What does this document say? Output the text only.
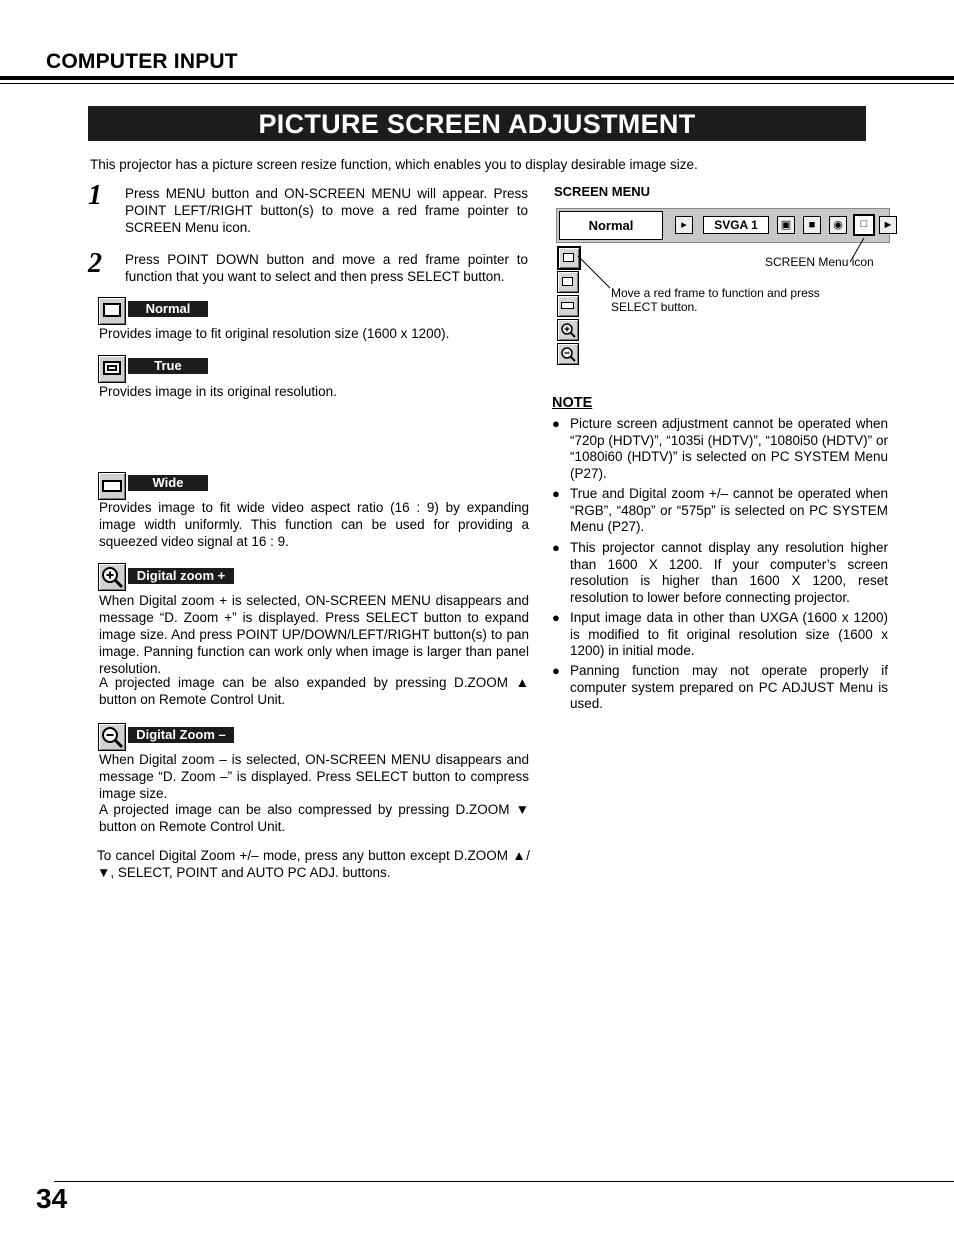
COMPUTER INPUT
PICTURE SCREEN ADJUSTMENT
This projector has a picture screen resize function, which enables you to display desirable image size.
1 Press MENU button and ON-SCREEN MENU will appear. Press POINT LEFT/RIGHT button(s) to move a red frame pointer to SCREEN Menu icon.
2 Press POINT DOWN button and move a red frame pointer to function that you want to select and then press SELECT button.
Normal
Provides image to fit original resolution size (1600 x 1200).
True
Provides image in its original resolution.
Wide
Provides image to fit wide video aspect ratio (16 : 9) by expanding image width uniformly. This function can be used for providing a squeezed video signal at 16 : 9.
Digital zoom +
When Digital zoom + is selected, ON-SCREEN MENU disappears and message “D. Zoom +” is displayed. Press SELECT button to expand image size. And press POINT UP/DOWN/LEFT/RIGHT button(s) to pan image. Panning function can work only when image is larger than panel resolution.
A projected image can be also expanded by pressing D.ZOOM ▲ button on Remote Control Unit.
Digital Zoom –
When Digital zoom – is selected, ON-SCREEN MENU disappears and message “D. Zoom –” is displayed. Press SELECT button to compress image size.
A projected image can be also compressed by pressing D.ZOOM ▼ button on Remote Control Unit.
To cancel Digital Zoom +/– mode, press any button except D.ZOOM ▲/▼, SELECT, POINT and AUTO PC ADJ. buttons.
SCREEN MENU
Normal	▸	SVGA 1	▣	■	◉	□	►
SCREEN Menu icon
Move a red frame to function and press SELECT button.
NOTE
● Picture screen adjustment cannot be operated when “720p (HDTV)”, “1035i (HDTV)”, “1080i50 (HDTV)” or “1080i60 (HDTV)” is selected on PC SYSTEM Menu (P27).
● True and Digital zoom +/– cannot be operated when “RGB”, “480p” or “575p” is selected on PC SYSTEM Menu (P27).
● This projector cannot display any resolution higher than 1600 X 1200. If your computer’s screen resolution is higher than 1600 X 1200, reset resolution to lower before connecting projector.
● Input image data in other than UXGA (1600 x 1200) is modified to fit original resolution size (1600 x 1200) in initial mode.
● Panning function may not operate properly if computer system prepared on PC ADJUST Menu is used.
34
